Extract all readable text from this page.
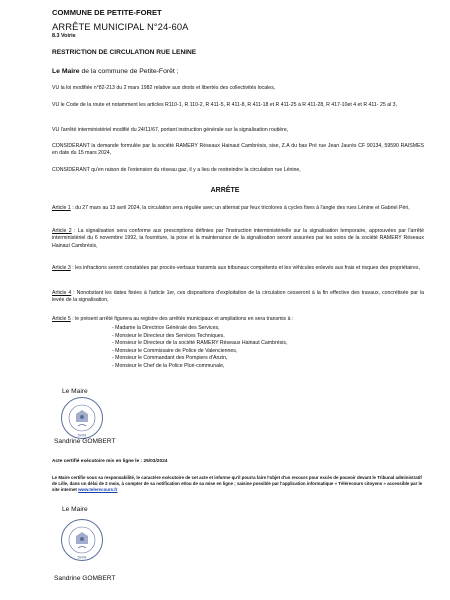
COMMUNE DE PETITE-FORET
ARRÊTE MUNICIPAL N°24-60A
8.3 Voirie
RESTRICTION DE CIRCULATION RUE LENINE
Le Maire de la commune de Petite-Forêt ;
VU la loi modifiée n°82-213 du 2 mars 1982 relative aux droits et libertés des collectivités locales,
VU le Code de la route et notamment les articles R110-1, R 110-2, R 411-5, R 411-8, R 411-18 et R 411-25 à R 411-28, R 417-10et 4 et R 411- 25 al 3,
VU l'arrêté interministériel modifié du 24/11/67, portant instruction générale sur la signalisation routière,
CONSIDÉRANT la demande formulée par la société RAMERY Réseaux Hainaut Cambrésis, sise, Z.A du bas Pré rue Jean Jaurès CF 90134, 59590 RAISMES en date du 15 mars 2024,
CONSIDÉRANT qu'en raison de l'extension du réseau gaz, il y a lieu de restreindre la circulation rue Lénine,
ARRÊTE
Article 1 : du 27 mars au 13 avril 2024, la circulation sera régulée avec un alternat par feux tricolores à cycles fixes à l'angle des rues Lénine et Gabriel Péri,
Article 2 : La signalisation sera conforme aux prescriptions définies par l'instruction interministérielle sur la signalisation temporaire, approuvées par l'arrêté interministériel du 6 novembre 1992, la fourniture, la pose et la maintenance de la signalisation seront assurées par les soins de la société RAMERY Réseaux Hainaut Cambrésis,
Article 3 : les infractions seront constatées par procès-verbaux transmis aux tribunaux compétents et les véhicules enlevés aux frais et risques des propriétaires,
Article 4 : Nonobstant les dates fixées à l'article 1er, ces dispositions d'exploitation de la circulation cesseront à la fin effective des travaux, concrétisée par la levée de la signalisation,
Article 5 : le présent arrêté figurera au registre des arrêtés municipaux et ampliations en sera transmis à :
- Madame la Directrice Générale des Services,
- Monsieur le Directeur des Services Techniques,
- Monsieur le Directeur de la société RAMERY Réseaux Hainaut Cambrésis,
- Monsieur le Commissaire de Police de Valenciennes,
- Monsieur le Commandant des Pompiers d'Anzin,
- Monsieur le Chef de la Police Pluri-communale,
Le Maire
59494
Sandrine GOMBERT
Acte certifié exécutoire mis en ligne le : 25/03/2024
Le Maire certifie sous sa responsabilité, le caractère exécutoire de cet acte et informe qu'il pourra faire l'objet d'un recours pour excès de pouvoir devant le Tribunal administratif de Lille, dans un délai de 2 mois, à compter de sa notification et/ou de sa mise en ligne ; saisine possible par l'application informatique « Télérecours citoyens » accessible par le site internet www.telerecours.fr
Le Maire
59494
Sandrine GOMBERT
